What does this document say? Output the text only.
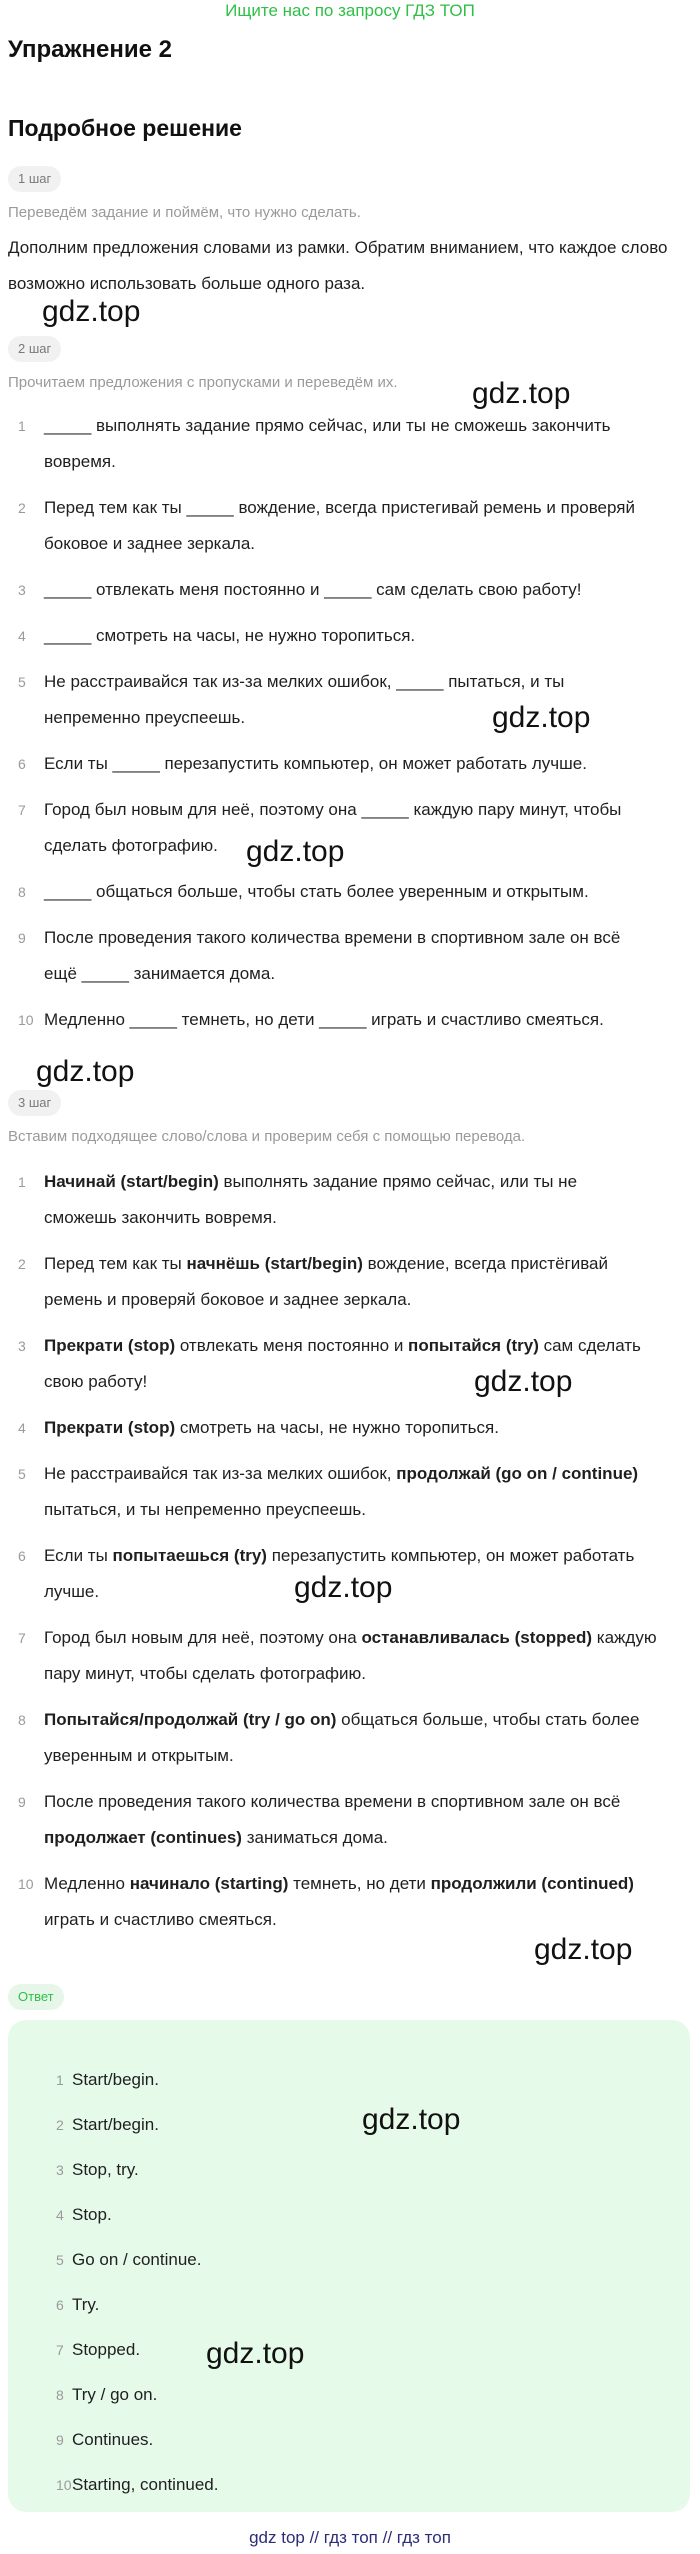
Ищите нас по запросу ГДЗ ТОП
Упражнение 2
Подробное решение
1 шаг
Переведём задание и поймём, что нужно сделать.
Дополним предложения словами из рамки. Обратим вниманием, что каждое слово возможно использовать больше одного раза.
gdz.top
2 шаг
Прочитаем предложения с пропусками и переведём их. gdz.top
1 _____ выполнять задание прямо сейчас, или ты не сможешь закончить
вовремя.
2 Перед тем как ты _____ вождение, всегда пристегивай ремень и проверяй
боковое и заднее зеркала.
3 _____ отвлекать меня постоянно и _____ сам сделать свою работу!
4 _____ смотреть на часы, не нужно торопиться.
5 Не расстраивайся так из-за мелких ошибок, _____ пытаться, и ты
непременно преуспеешь.
6 Если ты _____ перезапустить компьютер, он может работать лучше.
7 Город был новым для неё, поэтому она _____ каждую пару минут, чтобы
сделать фотографию.
8 _____ общаться больше, чтобы стать более уверенным и открытым.
9 После проведения такого количества времени в спортивном зале он всё
ещё _____ занимается дома.
10 Медленно _____ темнеть, но дети _____ играть и счастливо смеяться.
gdz.top
gdz.top
gdz.top
3 шаг
Вставим подходящее слово/слова и проверим себя с помощью перевода.
1 Начинай (start/begin) выполнять задание прямо сейчас, или ты не
сможешь закончить вовремя.
2 Перед тем как ты начнёшь (start/begin) вождение, всегда пристёгивай
ремень и проверяй боковое и заднее зеркала.
3 Прекрати (stop) отвлекать меня постоянно и попытайся (try) сам сделать
свою работу!
4 Прекрати (stop) смотреть на часы, не нужно торопиться.
5 Не расстраивайся так из-за мелких ошибок, продолжай (go on / continue)
пытаться, и ты непременно преуспеешь.
6 Если ты попытаешься (try) перезапустить компьютер, он может работать
лучше.
7 Город был новым для неё, поэтому она останавливалась (stopped) каждую
пару минут, чтобы сделать фотографию.
8 Попытайся/продолжай (try / go on) общаться больше, чтобы стать более
уверенным и открытым.
9 После проведения такого количества времени в спортивном зале он всё
продолжает (continues) заниматься дома.
10 Медленно начинало (starting) темнеть, но дети продолжили (continued)
играть и счастливо смеяться.
gdz.top
gdz.top
gdz.top
Ответ
1 Start/begin.
2 Start/begin.
3 Stop, try.
4 Stop.
5 Go on / continue.
6 Try.
7 Stopped.
8 Try / go on.
9 Continues.
10 Starting, continued.
gdz.top
gdz.top
gdz top // гдз топ // гдз топ
